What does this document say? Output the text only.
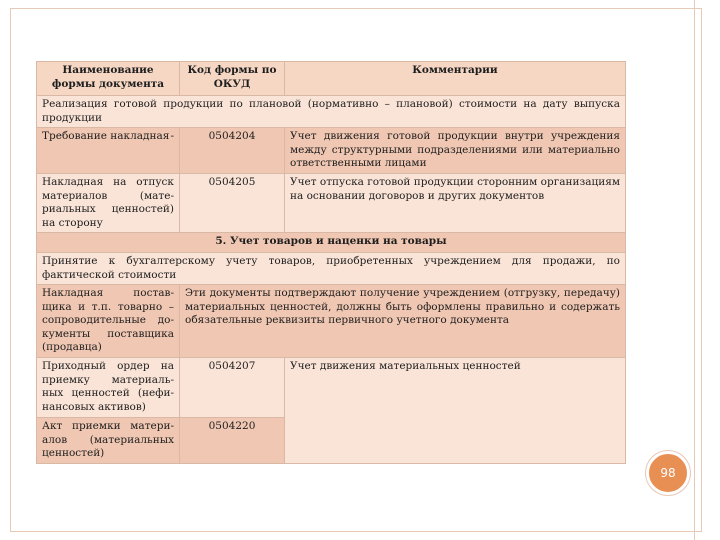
Наименование формы документа	Код формы по ОКУД	Комментарии
Реализация готовой продукции по плановой (нормативно – плановой) стоимости на дату выпуска продукции		

-
Требование накладная	0504204	Учет движения готовой продукции внутри учреждения между структурными подразделениями или материально ответственными лицами
Накладная на отпуск материалов (мате-риальных ценностей) на сторону	0504205	Учет отпуска готовой продукции сторонним организациям на основании договоров и других документов
5. Учет товаров и наценки на товары		
Принятие к бухгалтерскому учету товаров, приобретенных учреждением для продажи, по фактической стоимости		
Накладная постав-щика и т.п. товарно – сопроводительные до-кументы поставщика (продавца)	Эти документы подтверждают получение учреждением (отгрузку, передачу) материальных ценностей, должны быть оформлены правильно и содержать обязательные реквизиты первичного учетного документа	
Приходный ордер на приемку материаль-ных ценностей (нефи-нансовых активов)	0504207	Учет движения материальных ценностей
Акт приемки матери-алов (материальных ценностей)	0504220	
98
